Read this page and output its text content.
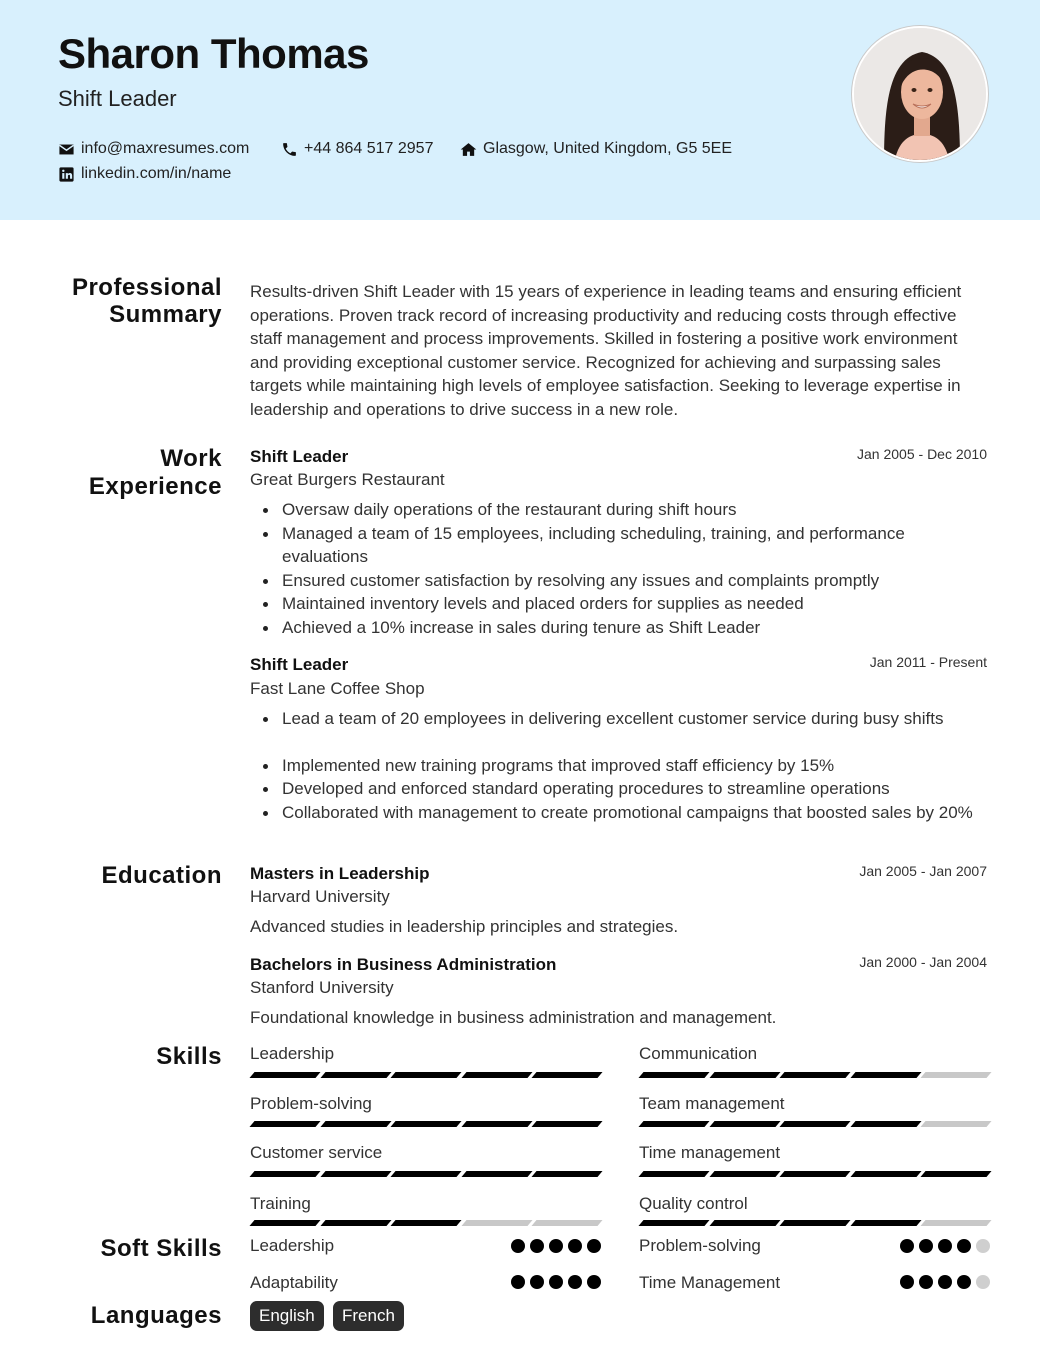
Sharon Thomas
Shift Leader
info@maxresumes.com	+44 864 517 2957	Glasgow, United Kingdom, G5 5EE
linkedin.com/in/name
Professional
Summary
Results-driven Shift Leader with 15 years of experience in leading teams and ensuring efficient operations. Proven track record of increasing productivity and reducing costs through effective staff management and process improvements. Skilled in fostering a positive work environment and providing exceptional customer service. Recognized for achieving and surpassing sales targets while maintaining high levels of employee satisfaction. Seeking to leverage expertise in leadership and operations to drive success in a new role.
Work
Experience
Shift Leader	Jan 2005 - Dec 2010
Great Burgers Restaurant
Oversaw daily operations of the restaurant during shift hours
Managed a team of 15 employees, including scheduling, training, and performance evaluations
Ensured customer satisfaction by resolving any issues and complaints promptly
Maintained inventory levels and placed orders for supplies as needed
Achieved a 10% increase in sales during tenure as Shift Leader
Shift Leader	Jan 2011 - Present
Fast Lane Coffee Shop
Lead a team of 20 employees in delivering excellent customer service during busy shifts
Implemented new training programs that improved staff efficiency by 15%
Developed and enforced standard operating procedures to streamline operations
Collaborated with management to create promotional campaigns that boosted sales by 20%
Education Masters in Leadership	Jan 2005 - Jan 2007
Harvard University
Advanced studies in leadership principles and strategies.
Bachelors in Business Administration	Jan 2000 - Jan 2004
Stanford University
Foundational knowledge in business administration and management.
Skills Leadership	Communication
Problem-solving	Team management
Customer service	Time management
Training	Quality control
Soft Skills Leadership	Problem-solving
Adaptability	Time Management
Languages	English	French
